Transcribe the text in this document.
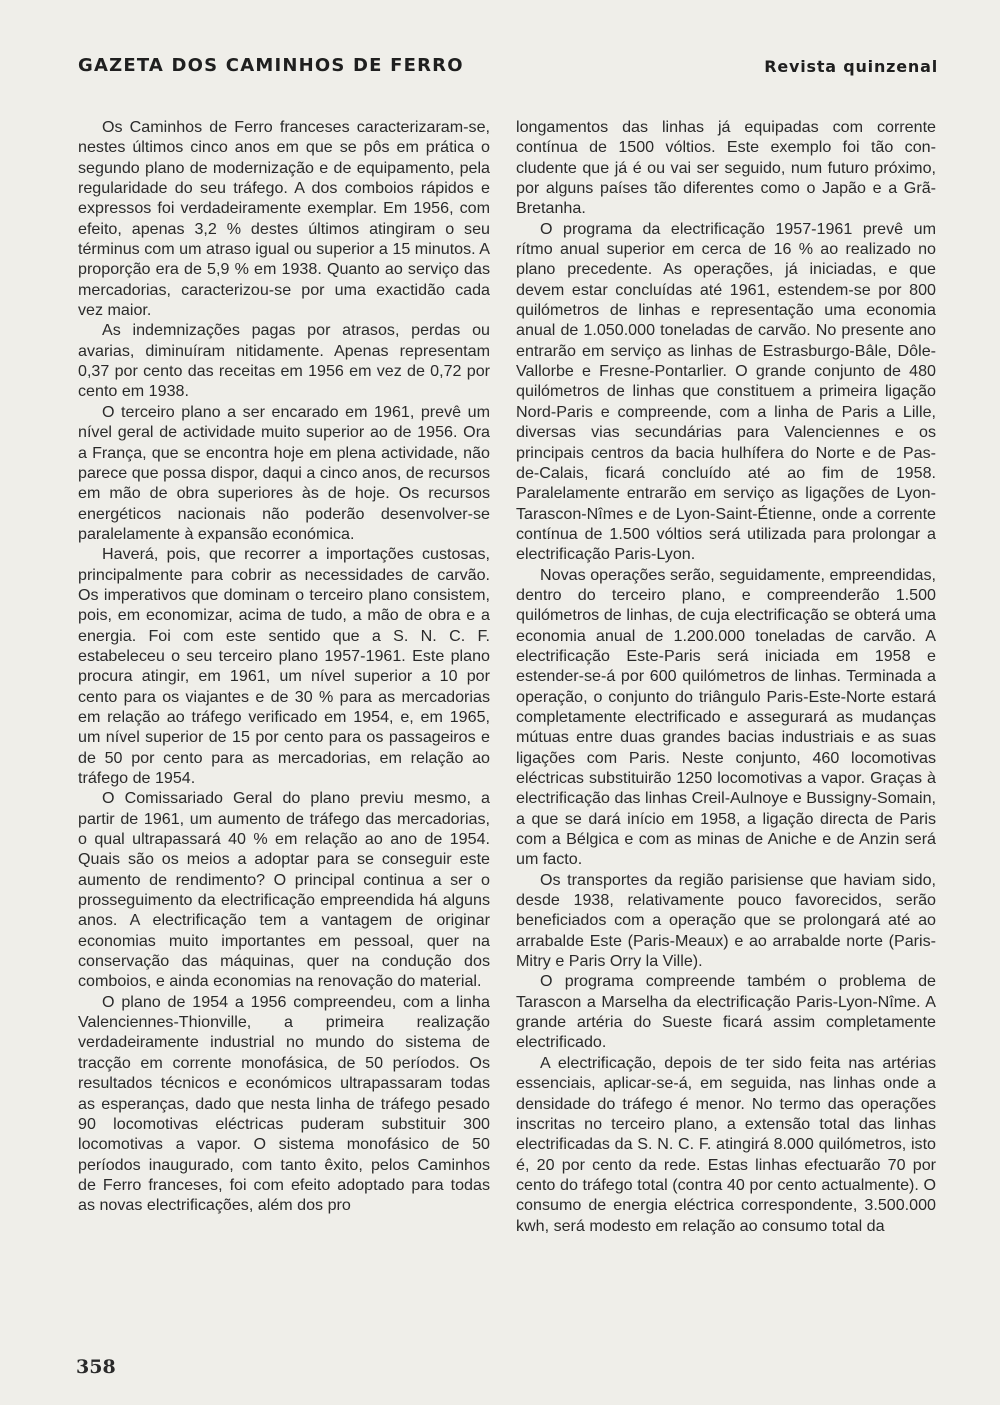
GAZETA DOS CAMINHOS DE FERRO	Revista quinzenal

Os Caminhos de Ferro franceses caracterizaram-se, nestes últimos cinco anos em que se pôs em prática o segundo plano de modernização e de equipamento, pela regularidade do seu tráfego. A dos comboios rápidos e expressos foi verdadeiramente exemplar. Em 1956, com efeito, apenas 3,2 % destes últimos atingiram o seu términus com um atraso igual ou superior a 15 minutos. A proporção era de 5,9 % em 1938. Quanto ao serviço das mercadorias, caracterizou-se por uma exactidão cada vez maior.

As indemnizações pagas por atrasos, perdas ou avarias, diminuíram nitidamente. Apenas representam 0,37 por cento das receitas em 1956 em vez de 0,72 por cento em 1938.

O terceiro plano a ser encarado em 1961, prevê um nível geral de actividade muito superior ao de 1956. Ora a França, que se encontra hoje em plena actividade, não parece que possa dispor, daqui a cinco anos, de recursos em mão de obra superiores às de hoje. Os recursos energéticos nacionais não poderão desenvolver-se paralelamente à expansão económica.

Haverá, pois, que recorrer a importações custosas, principalmente para cobrir as necessidades de carvão. Os imperativos que dominam o terceiro plano consistem, pois, em economizar, acima de tudo, a mão de obra e a energia. Foi com este sentido que a S. N. C. F. estabeleceu o seu terceiro plano 1957-1961. Este plano procura atingir, em 1961, um nível superior a 10 por cento para os viajantes e de 30 % para as mercadorias em relação ao tráfego verificado em 1954, e, em 1965, um nível superior de 15 por cento para os passageiros e de 50 por cento para as mercadorias, em relação ao tráfego de 1954.

O Comissariado Geral do plano previu mesmo, a partir de 1961, um aumento de tráfego das mercadorias, o qual ultrapassará 40 % em relação ao ano de 1954. Quais são os meios a adoptar para se conseguir este aumento de rendimento? O principal continua a ser o prosseguimento da electrificação empreendida há alguns anos. A electrificação tem a vantagem de originar economias muito importantes em pessoal, quer na conservação das máquinas, quer na condução dos comboios, e ainda economias na renovação do material.

O plano de 1954 a 1956 compreendeu, com a linha Valenciennes-Thionville, a primeira realização verdadeiramente industrial no mundo do sistema de tracção em corrente monofásica, de 50 períodos. Os resultados técnicos e económicos ultrapassaram todas as esperanças, dado que nesta linha de tráfego pesado 90 locomotivas eléctricas puderam substituir 300 locomotivas a vapor. O sistema monofásico de 50 períodos inaugurado, com tanto êxito, pelos Caminhos de Ferro franceses, foi com efeito adoptado para todas as novas electrificações, além dos pro

longamentos das linhas já equipadas com corrente contínua de 1500 vóltios. Este exemplo foi tão concludente que já é ou vai ser seguido, num futuro próximo, por alguns países tão diferentes como o Japão e a Grã-Bretanha.

O programa da electrificação 1957-1961 prevê um rítmo anual superior em cerca de 16 % ao realizado no plano precedente. As operações, já iniciadas, e que devem estar concluídas até 1961, estendem-se por 800 quilómetros de linhas e representação uma economia anual de 1.050.000 toneladas de carvão. No presente ano entrarão em serviço as linhas de Estrasburgo-Bâle, Dôle-Vallorbe e Fresne-Pontarlier. O grande conjunto de 480 quilómetros de linhas que constituem a primeira ligação Nord-Paris e compreende, com a linha de Paris a Lille, diversas vias secundárias para Valenciennes e os principais centros da bacia hulhífera do Norte e de Pas-de-Calais, ficará concluído até ao fim de 1958. Paralelamente entrarão em serviço as ligações de Lyon-Tarascon-Nîmes e de Lyon-Saint-Étienne, onde a corrente contínua de 1.500 vóltios será utilizada para prolongar a electrificação Paris-Lyon.

Novas operações serão, seguidamente, empreendidas, dentro do terceiro plano, e compreenderão 1.500 quilómetros de linhas, de cuja electrificação se obterá uma economia anual de 1.200.000 toneladas de carvão. A electrificação Este-Paris será iniciada em 1958 e estender-se-á por 600 quilómetros de linhas. Terminada a operação, o conjunto do triângulo Paris-Este-Norte estará completamente electrificado e assegurará as mudanças mútuas entre duas grandes bacias industriais e as suas ligações com Paris. Neste conjunto, 460 locomotivas eléctricas substituirão 1250 locomotivas a vapor. Graças à electrificação das linhas Creil-Aulnoye e Bussigny-Somain, a que se dará início em 1958, a ligação directa de Paris com a Bélgica e com as minas de Aniche e de Anzin será um facto.

Os transportes da região parisiense que haviam sido, desde 1938, relativamente pouco favorecidos, serão beneficiados com a operação que se prolongará até ao arrabalde Este (Paris-Meaux) e ao arrabalde norte (Paris-Mitry e Paris Orry la Ville).

O programa compreende também o problema de Tarascon a Marselha da electrificação Paris-Lyon-Nîme. A grande artéria do Sueste ficará assim completamente electrificado.

A electrificação, depois de ter sido feita nas artérias essenciais, aplicar-se-á, em seguida, nas linhas onde a densidade do tráfego é menor. No termo das operações inscritas no terceiro plano, a extensão total das linhas electrificadas da S. N. C. F. atingirá 8.000 quilómetros, isto é, 20 por cento da rede. Estas linhas efectuarão 70 por cento do tráfego total (contra 40 por cento actualmente). O consumo de energia eléctrica correspondente, 3.500.000 kwh, será modesto em relação ao consumo total da

358
